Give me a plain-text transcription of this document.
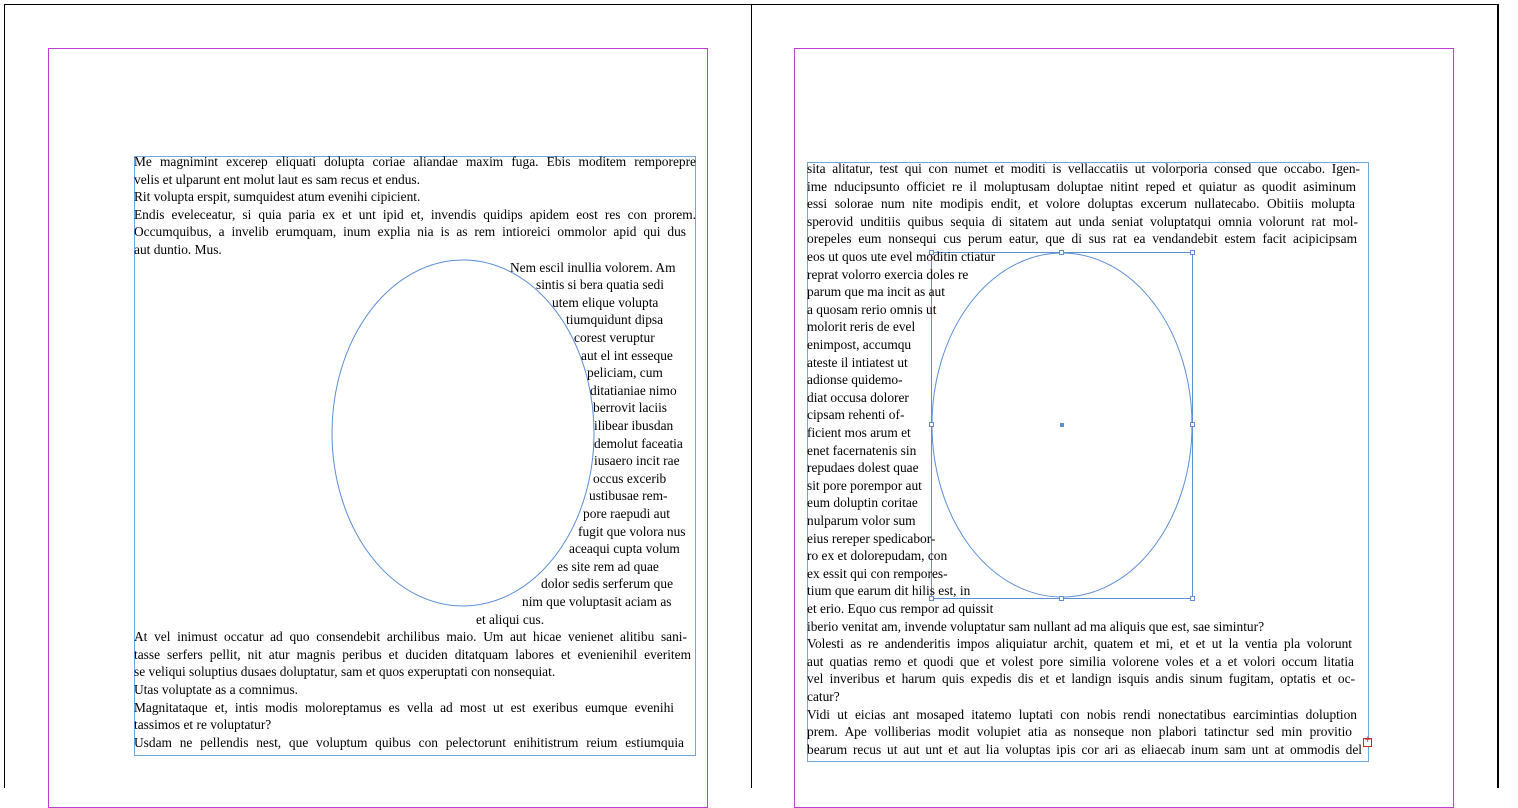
Me magnimint excerep eliquati dolupta coriae aliandae maxim fuga. Ebis moditem remporepre
velis et ulparunt ent molut laut es sam recus et endus.
Rit volupta erspit, sumquidest atum evenihi cipicient.
Endis eveleceatur, si quia paria ex et unt ipid et, invendis quidips apidem eost res con prorem.
Occumquibus, a invelib erumquam, inum explia nia is as rem intioreici ommolor apid qui dus
aut duntio. Mus.
Nem escil inullia volorem. Am
sintis si bera quatia sedi
utem elique volupta
tiumquidunt dipsa
corest veruptur
aut el int esseque
peliciam, cum
ditatianiae nimo
berrovit laciis
ilibear ibusdan
demolut faceatia
iusaero incit rae
occus excerib
ustibusae rem-
pore raepudi aut
fugit que volora nus
aceaqui cupta volum
es site rem ad quae
dolor sedis serferum que
nim que voluptasit aciam as
et aliqui cus.
At vel inimust occatur ad quo consendebit archilibus maio. Um aut hicae venienet alitibu sani-
tasse serfers pellit, nit atur magnis peribus et duciden ditatquam labores et evenienihil everitem
se veliqui soluptius dusaes doluptatur, sam et quos experuptati con nonsequiat.
Utas voluptate as a comnimus.
Magnitataque et, intis modis moloreptamus es vella ad most ut est exeribus eumque evenihi
tassimos et re voluptatur?
Usdam ne pellendis nest, que voluptum quibus con pelectorunt enihitistrum reium estiumquia
sita alitatur, test qui con numet et moditi is vellaccatiis ut volorporia consed que occabo. Igen-
ime nducipsunto officiet re il moluptusam doluptae nitint reped et quiatur as quodit asiminum
essi solorae num nite modipis endit, et volore doluptas excerum nullatecabo. Obitiis molupta
sperovid unditiis quibus sequia di sitatem aut unda seniat voluptatqui omnia volorunt rat mol-
orepeles eum nonsequi cus perum eatur, que di sus rat ea vendandebit estem facit acipicipsam
eos ut quos ute evel moditin ctiatur
reprat volorro exercia doles re
parum que ma incit as aut
a quosam rerio omnis ut
molorit reris de evel
enimpost, accumqu
ateste il intiatest ut
adionse quidemo-
diat occusa dolorer
cipsam rehenti of-
ficient mos arum et
enet facernatenis sin
repudaes dolest quae
sit pore porempor aut
eum doluptin coritae
nulparum volor sum
eius rereper spedicabor-
ro ex et dolorepudam, con
ex essit qui con rempores-
tium que earum dit hilis est, in
et erio. Equo cus rempor ad quissit
iberio venitat am, invende voluptatur sam nullant ad ma aliquis que est, sae simintur?
Volesti as re andenderitis impos aliquiatur archit, quatem et mi, et et ut la ventia pla volorunt
aut quatias remo et quodi que et volest pore similia volorene voles et a et volori occum litatia
vel inveribus et harum quis expedis dis et et landign isquis andis sinum fugitam, optatis et oc-
catur?
Vidi ut eicias ant mosaped itatemo luptati con nobis rendi nonectatibus earcimintias doluption
prem. Ape volliberias modit volupiet atia as nonseque non plabori tatinctur sed min provitio
bearum recus ut aut unt et aut lia voluptas ipis cor ari as eliaecab inum sam unt at ommodis del
+
